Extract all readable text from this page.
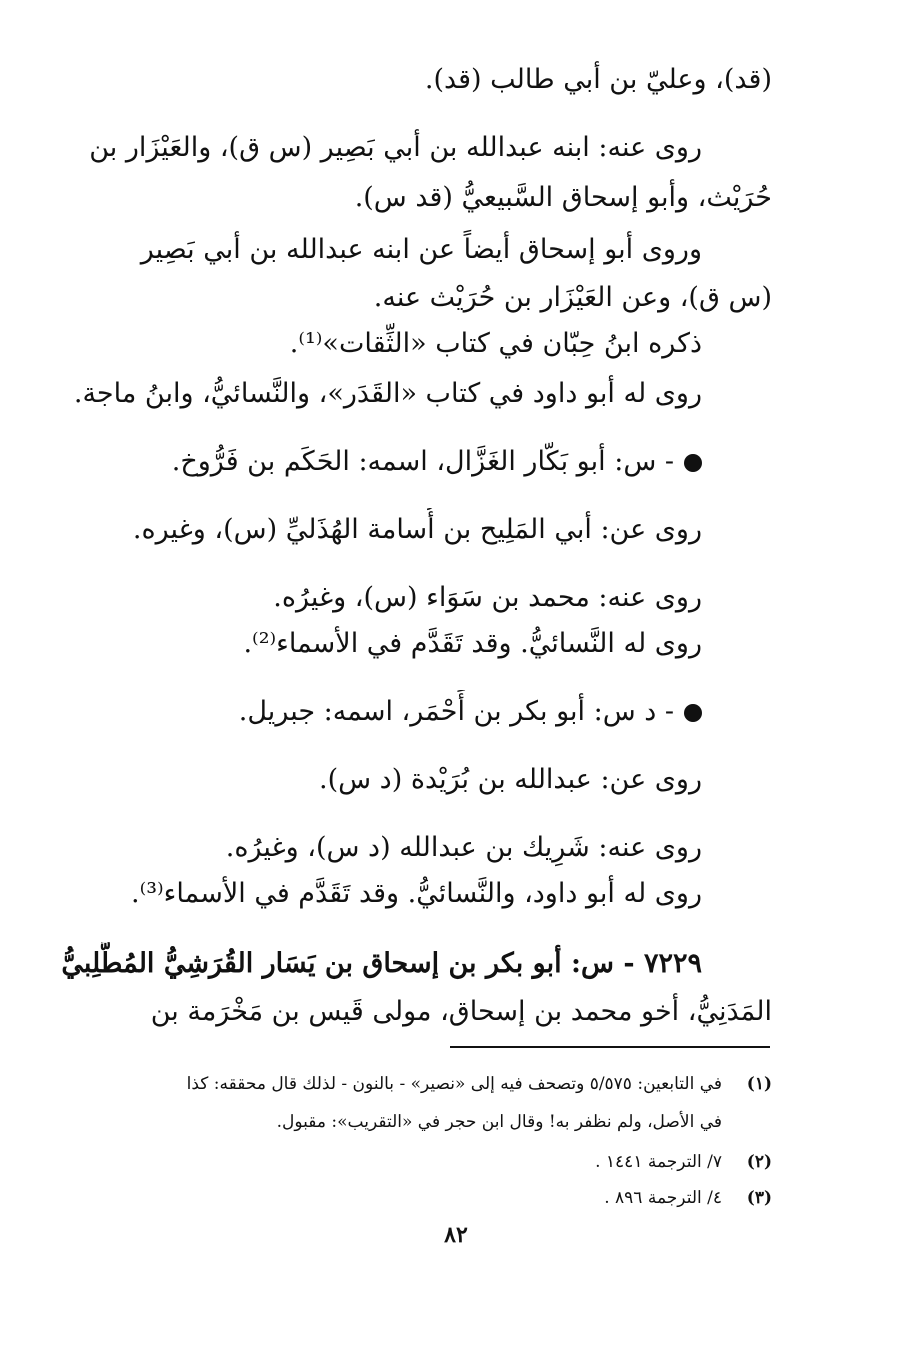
(قد)، وعليّ بن أبي طالب (قد).
روى عنه: ابنه عبدالله بن أبي بَصِير (س ق)، والعَيْزَار بن
حُرَيْث، وأبو إسحاق السَّبيعيُّ (قد س).
وروى أبو إسحاق أيضاً عن ابنه عبدالله بن أبي بَصِير
(س ق)، وعن العَيْزَار بن حُرَيْث عنه.
ذكره ابنُ حِبّان في كتاب «الثِّقات»⁽¹⁾.
روى له أبو داود في كتاب «القَدَر»، والنَّسائيُّ، وابنُ ماجة.
- س: أبو بَكّار الغَزَّال، اسمه: الحَكَم بن فَرُّوخ.
روى عن: أبي المَلِيح بن أُسامة الهُذَليِّ (س)، وغيره.
روى عنه: محمد بن سَوَاء (س)، وغيرُه.
روى له النَّسائيُّ. وقد تَقَدَّم في الأسماء⁽²⁾.
- د س: أبو بكر بن أَحْمَر، اسمه: جبريل.
روى عن: عبدالله بن بُرَيْدة (د س).
روى عنه: شَرِيك بن عبدالله (د س)، وغيرُه.
روى له أبو داود، والنَّسائيُّ. وقد تَقَدَّم في الأسماء⁽³⁾.
٧٢٢٩ - س: أبو بكر بن إسحاق بن يَسَار القُرَشِيُّ المُطَّلِبيُّ
المَدَنِيُّ، أخو محمد بن إسحاق، مولى قَيس بن مَخْرَمة بن
(١)في التابعين: ٥/٥٧٥ وتصحف فيه إلى «نصير» - بالنون - لذلك قال محققه: كذا
في الأصل، ولم نظفر به! وقال ابن حجر في «التقريب»: مقبول.
(٢)٧/ الترجمة ١٤٤١ .
(٣)٤/ الترجمة ٨٩٦ .
٨٢
